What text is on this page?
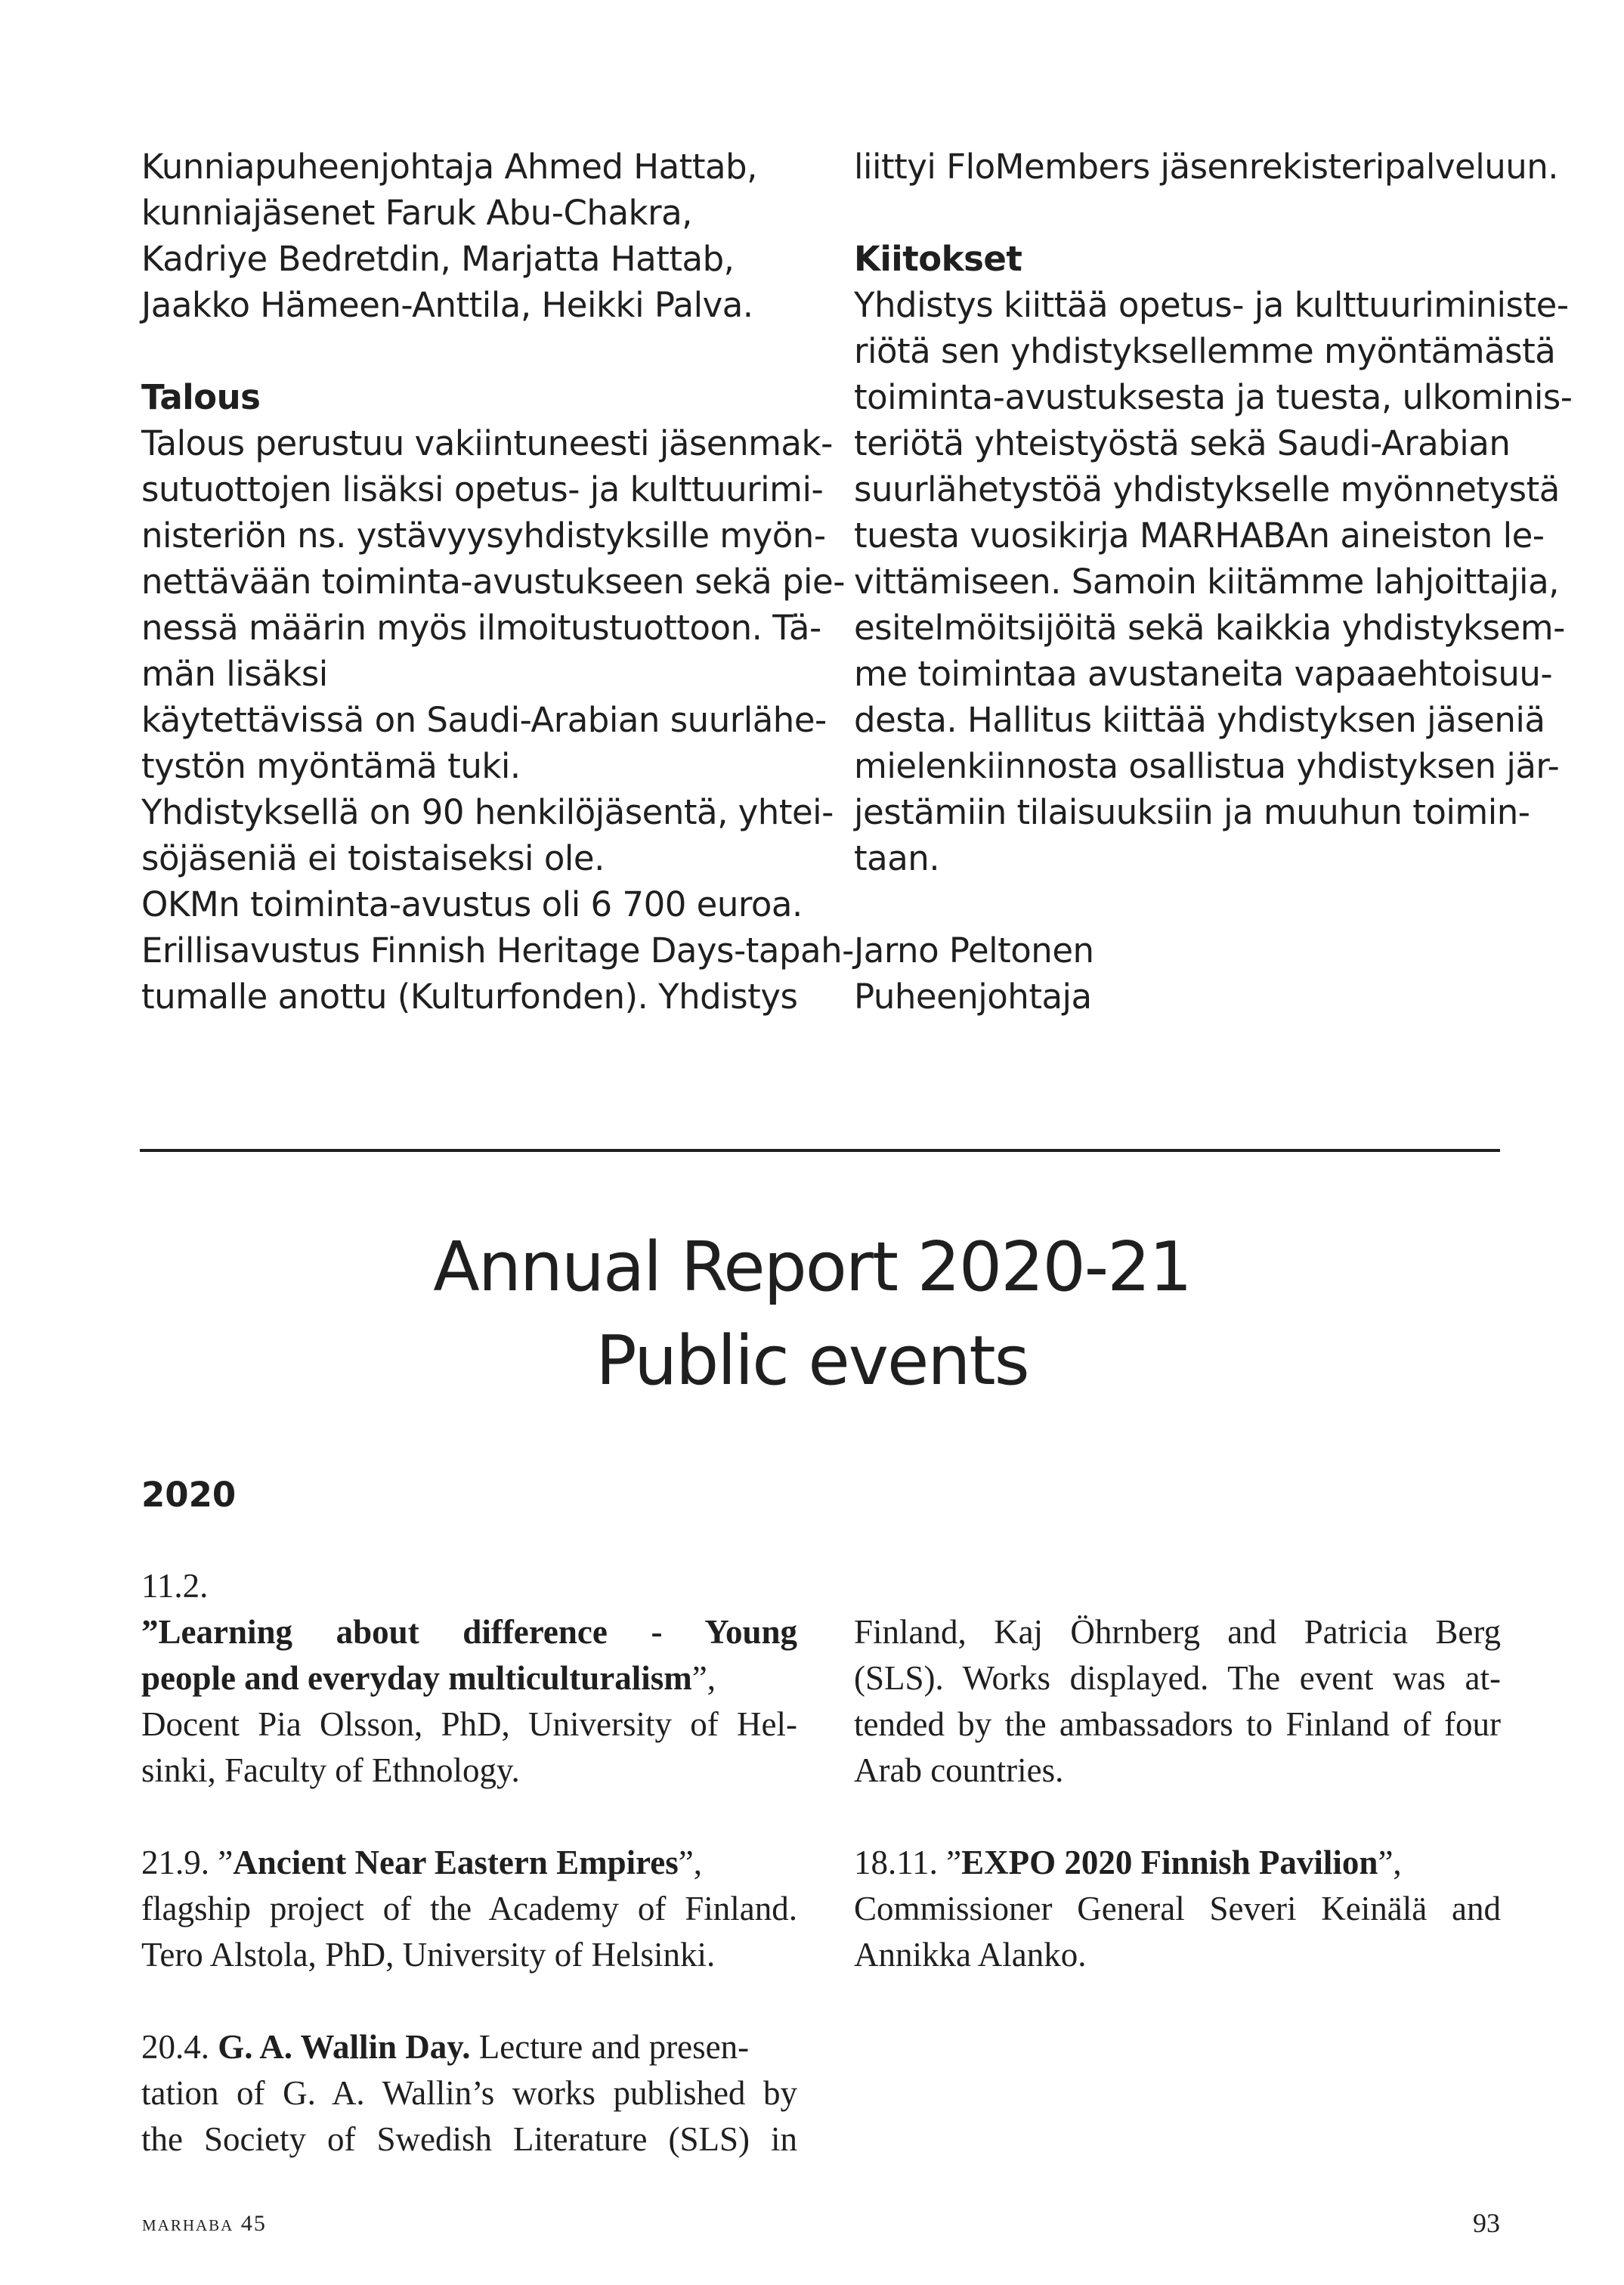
Kunniapuheenjohtaja Ahmed Hattab,
kunniajäsenet Faruk Abu-Chakra,
Kadriye Bedretdin, Marjatta Hattab,
Jaakko Hämeen-Anttila, Heikki Palva.
Talous
Talous perustuu vakiintuneesti jäsenmak-
sutuottojen lisäksi opetus- ja kulttuurimi-
nisteriön ns. ystävyysyhdistyksille myön-
nettävään toiminta-avustukseen sekä pie-
nessä määrin myös ilmoitustuottoon. Tä-
män lisäksi
käytettävissä on Saudi-Arabian suurlähe-
tystön myöntämä tuki.
Yhdistyksellä on 90 henkilöjäsentä, yhtei-
söjäseniä ei toistaiseksi ole.
OKMn toiminta-avustus oli 6 700 euroa.
Erillisavustus Finnish Heritage Days-tapah-
tumalle anottu (Kulturfonden). Yhdistys
liittyi FloMembers jäsenrekisteripalveluun.
Kiitokset
Yhdistys kiittää opetus- ja kulttuuriministe-
riötä sen yhdistyksellemme myöntämästä
toiminta-avustuksesta ja tuesta, ulkominis-
teriötä yhteistyöstä sekä Saudi-Arabian
suurlähetystöä yhdistykselle myönnetystä
tuesta vuosikirja MARHABAn aineiston le-
vittämiseen. Samoin kiitämme lahjoittajia,
esitelmöitsijöitä sekä kaikkia yhdistyksem-
me toimintaa avustaneita vapaaehtoisuu-
desta. Hallitus kiittää yhdistyksen jäseniä
mielenkiinnosta osallistua yhdistyksen jär-
jestämiin tilaisuuksiin ja muuhun toimin-
taan.
Jarno Peltonen
Puheenjohtaja
Annual Report 2020-21
Public events
2020
11.2.
”Learning about difference - Young
people and everyday multiculturalism”,
Docent Pia Olsson, PhD, University of Hel-
sinki, Faculty of Ethnology.
21.9. ”Ancient Near Eastern Empires”,
flagship project of the Academy of Finland.
Tero Alstola, PhD, University of Helsinki.
20.4. G. A. Wallin Day. Lecture and presen-
tation of G. A. Wallin’s works published by
the Society of Swedish Literature (SLS) in
Finland, Kaj Öhrnberg and Patricia Berg
(SLS). Works displayed. The event was at-
tended by the ambassadors to Finland of four
Arab countries.
18.11. ”EXPO 2020 Finnish Pavilion”,
Commissioner General Severi Keinälä and
Annikka Alanko.
marhaba 45	93
